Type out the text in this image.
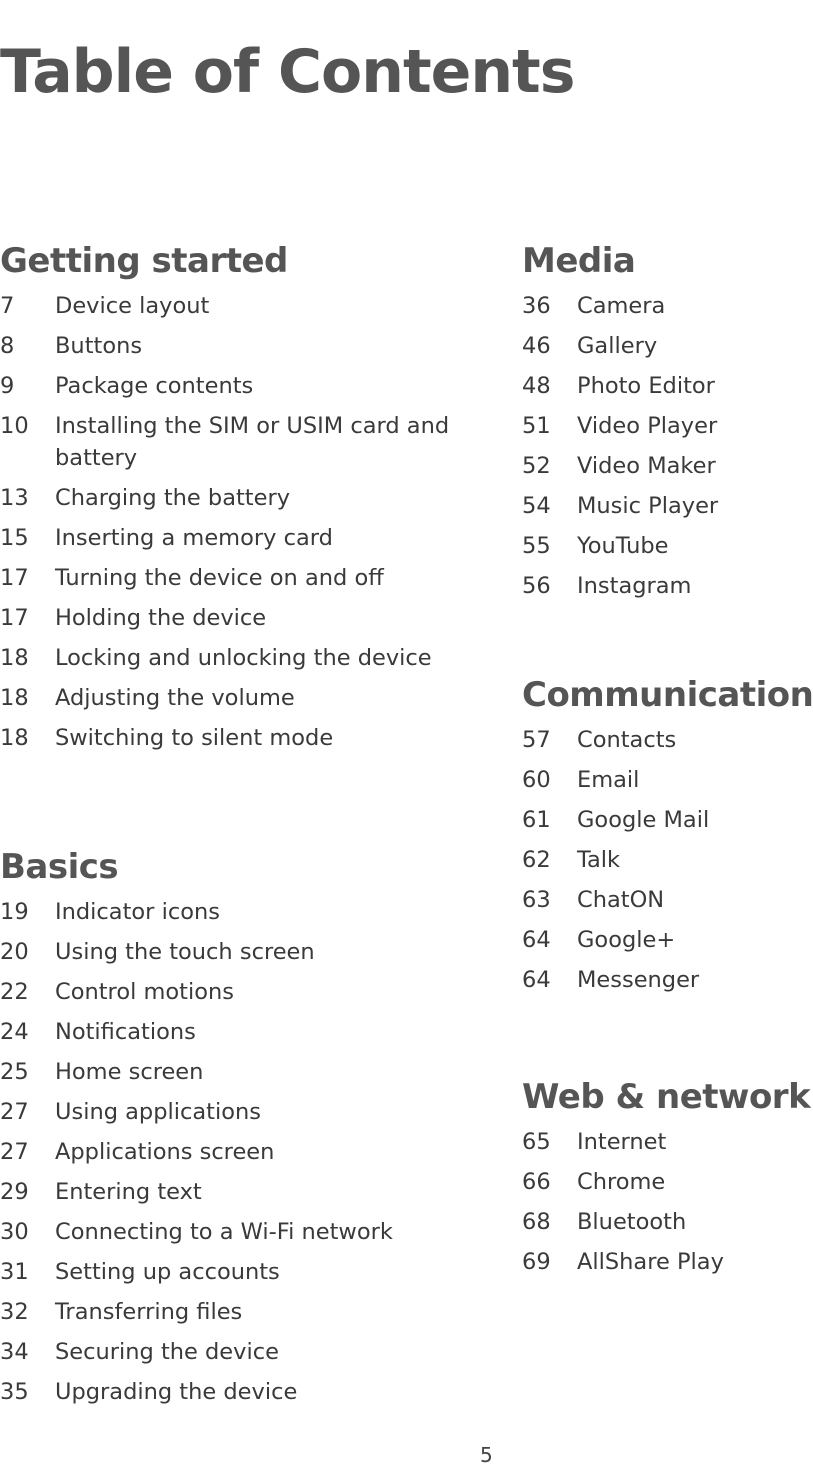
Table of Contents
Getting started
7	Device layout
8	Buttons
9	Package contents
10	Installing the SIM or USIM card and battery
13	Charging the battery
15	Inserting a memory card
17	Turning the device on and off
17	Holding the device
18	Locking and unlocking the device
18	Adjusting the volume
18	Switching to silent mode
Basics
19	Indicator icons
20	Using the touch screen
22	Control motions
24	Notifications
25	Home screen
27	Using applications
27	Applications screen
29	Entering text
30	Connecting to a Wi-Fi network
31	Setting up accounts
32	Transferring files
34	Securing the device
35	Upgrading the device
Media
36	Camera
46	Gallery
48	Photo Editor
51	Video Player
52	Video Maker
54	Music Player
55	YouTube
56	Instagram
Communication
57	Contacts
60	Email
61	Google Mail
62	Talk
63	ChatON
64	Google+
64	Messenger
Web & network
65	Internet
66	Chrome
68	Bluetooth
69	AllShare Play
5
